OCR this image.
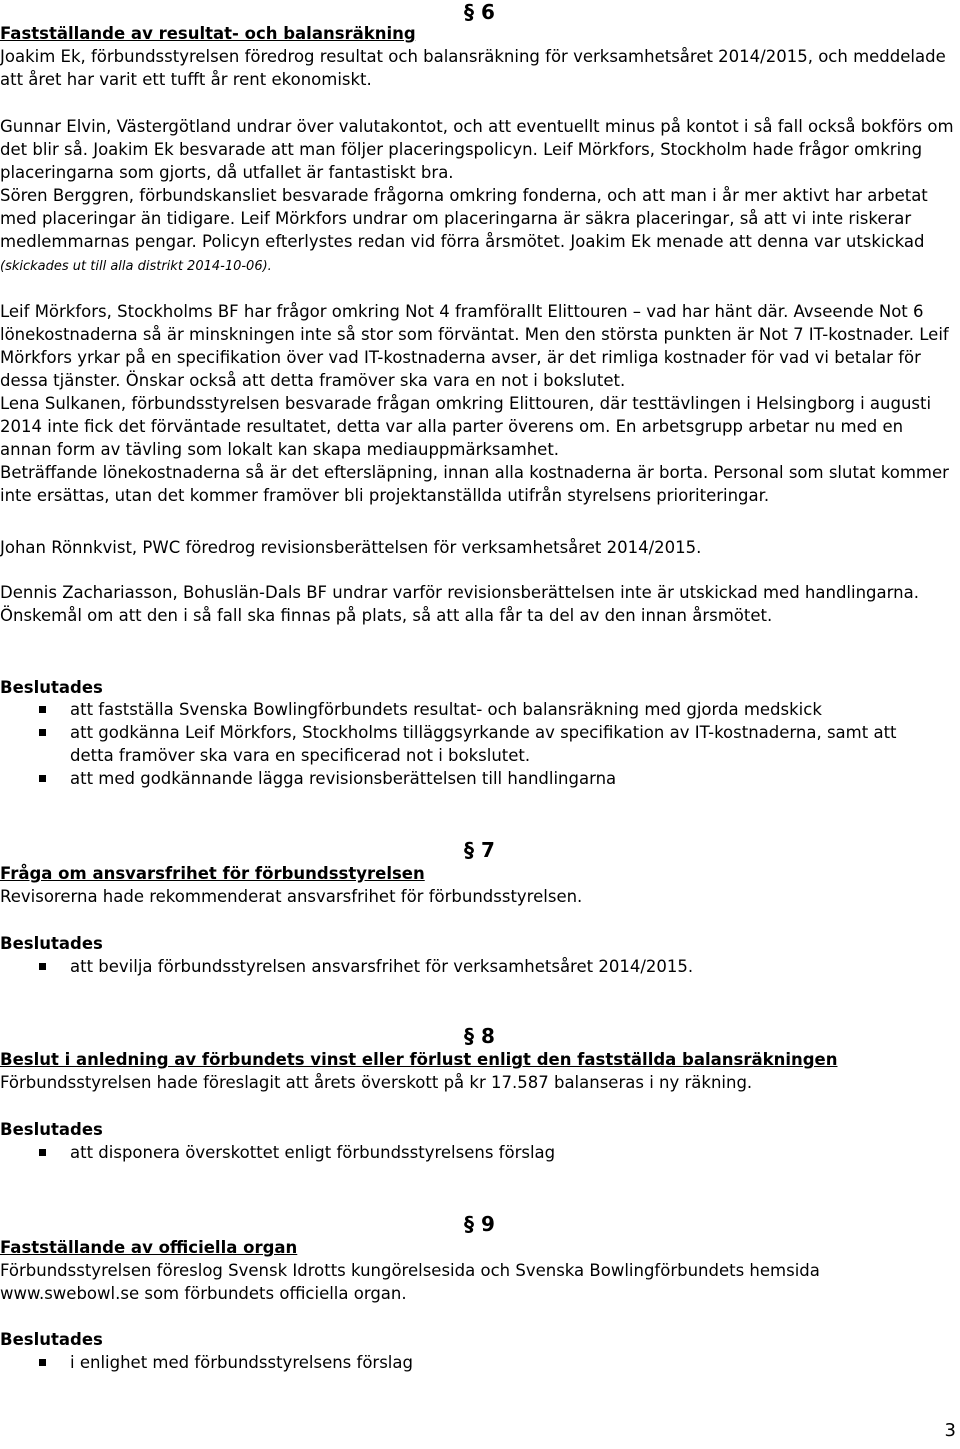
§ 6
Fastställande av resultat- och balansräkning

Joakim Ek, förbundsstyrelsen föredrog resultat och balansräkning för verksamhetsåret 2014/2015, och meddelade att året har varit ett tufft år rent ekonomiskt.

Gunnar Elvin, Västergötland undrar över valutakontot, och att eventuellt minus på kontot i så fall också bokförs om det blir så. Joakim Ek besvarade att man följer placeringspolicyn. Leif Mörkfors, Stockholm hade frågor omkring placeringarna som gjorts, då utfallet är fantastiskt bra.

Sören Berggren, förbundskansliet besvarade frågorna omkring fonderna, och att man i år mer aktivt har arbetat med placeringar än tidigare. Leif Mörkfors undrar om placeringarna är säkra placeringar, så att vi inte riskerar medlemmarnas pengar. Policyn efterlystes redan vid förra årsmötet. Joakim Ek menade att denna var utskickad (skickades ut till alla distrikt 2014-10-06).

Leif Mörkfors, Stockholms BF har frågor omkring Not 4 framförallt Elittouren – vad har hänt där. Avseende Not 6 lönekostnaderna så är minskningen inte så stor som förväntat. Men den största punkten är Not 7 IT-kostnader. Leif Mörkfors yrkar på en specifikation över vad IT-kostnaderna avser, är det rimliga kostnader för vad vi betalar för dessa tjänster. Önskar också att detta framöver ska vara en not i bokslutet.

Lena Sulkanen, förbundsstyrelsen besvarade frågan omkring Elittouren, där testtävlingen i Helsingborg i augusti 2014 inte fick det förväntade resultatet, detta var alla parter överens om. En arbetsgrupp arbetar nu med en annan form av tävling som lokalt kan skapa mediauppmärksamhet.

Beträffande lönekostnaderna så är det eftersläpning, innan alla kostnaderna är borta. Personal som slutat kommer inte ersättas, utan det kommer framöver bli projektanställda utifrån styrelsens prioriteringar.

Johan Rönnkvist, PWC föredrog revisionsberättelsen för verksamhetsåret 2014/2015.

Dennis Zachariasson, Bohuslän-Dals BF undrar varför revisionsberättelsen inte är utskickad med handlingarna. Önskemål om att den i så fall ska finnas på plats, så att alla får ta del av den innan årsmötet.

Beslutades
att fastställa Svenska Bowlingförbundets resultat- och balansräkning med gjorda medskick
att godkänna Leif Mörkfors, Stockholms tilläggsyrkande av specifikation av IT-kostnaderna, samt att detta framöver ska vara en specificerad not i bokslutet.
att med godkännande lägga revisionsberättelsen till handlingarna
§ 7
Fråga om ansvarsfrihet för förbundsstyrelsen

Revisorerna hade rekommenderat ansvarsfrihet för förbundsstyrelsen.

Beslutades
att bevilja förbundsstyrelsen ansvarsfrihet för verksamhetsåret 2014/2015.
§ 8
Beslut i anledning av förbundets vinst eller förlust enligt den fastställda balansräkningen

Förbundsstyrelsen hade föreslagit att årets överskott på kr 17.587 balanseras i ny räkning.

Beslutades
att disponera överskottet enligt förbundsstyrelsens förslag
§ 9
Fastställande av officiella organ

Förbundsstyrelsen föreslog Svensk Idrotts kungörelsesida och Svenska Bowlingförbundets hemsida www.swebowl.se som förbundets officiella organ.

Beslutades
i enlighet med förbundsstyrelsens förslag
3
